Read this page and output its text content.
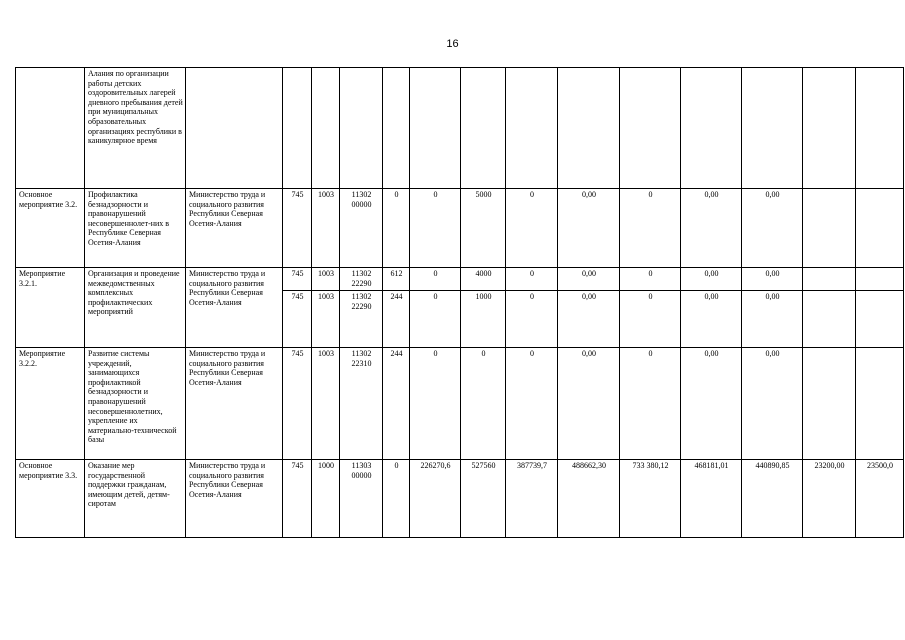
16
	Алания по организации работы детских оздоровительных лагерей дневного пребывания детей при муниципальных образовательных организациях республики в каникулярное время														
Основное мероприятие 3.2.	Профилактика безнадзорности и правонарушений несовершеннолет-них в Республике Северная Осетия-Алания	Министерство труда и социального развития Республики Северная Осетия-Алания	745	1003	11302 00000	0	0	5000	0	0,00	0	0,00	0,00		
Мероприятие 3.2.1.	Организация и проведение межведомственных комплексных профилактических мероприятий	Министерство труда и социального развития Республики Северная Осетия-Алания	745	1003	11302 22290	612	0	4000	0	0,00	0	0,00	0,00		
			745	1003	11302 22290	244	0	1000	0	0,00	0	0,00	0,00		
Мероприятие 3.2.2.	Развитие системы учреждений, занимающихся профилактикой безнадзорности и правонарушений несовершеннолетних, укрепление их материально-технической базы	Министерство труда и социального развития Республики Северная Осетия-Алания	745	1003	11302 22310	244	0	0	0	0,00	0	0,00	0,00		
Основное мероприятие 3.3.	Оказание мер государственной поддержки гражданам, имеющим детей, детям-сиротам	Министерство труда и социального развития Республики Северная Осетия-Алания	745	1000	11303 00000	0	226270,6	527560	387739,7	488662,30	733 380,12	468181,01	440890,85	23200,00	23500,0
